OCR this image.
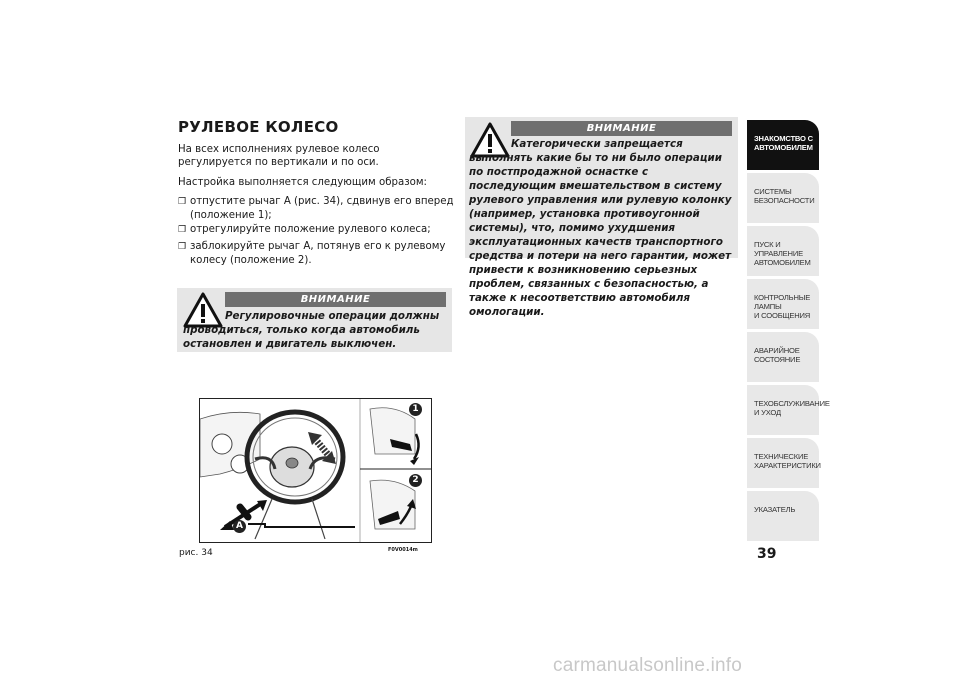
РУЛЕВОЕ КОЛЕСО
На всех исполнениях рулевое колесо регулируется по вертикали и по оси.
Настройка выполняется следующим образом:
❒ отпустите рычаг А (рис. 34), сдвинув его вперед (положение 1);
❒ отрегулируйте положение рулевого колеса;
❒ заблокируйте рычаг А, потянув его к рулевому колесу (положение 2).
ВНИМАНИЕ
Регулировочные операции должны проводиться, только когда автомобиль остановлен и двигатель выключен.
ВНИМАНИЕ
Категорически запрещается выполнять какие бы то ни было операции по постпродажной оснастке с последующим вмешательством в систему рулевого управления или рулевую колонку (например, установка противоугонной системы), что, помимо ухудшения эксплуатационных качеств транспортного средства и потери на него гарантии, может привести к возникновению серьезных проблем, связанных с безопасностью, а также к несоответствию автомобиля омологации.
1
2
A
рис. 34	F0V0014m
ЗНАКОМСТВО С
АВТОМОБИЛЕМ
СИСТЕМЫ
БЕЗОПАСНОСТИ
ПУСК И УПРАВЛЕНИЕ
АВТОМОБИЛЕМ
КОНТРОЛЬНЫЕ
ЛАМПЫ
И СООБЩЕНИЯ
АВАРИЙНОЕ
СОСТОЯНИЕ
ТЕХОБСЛУЖИВАНИЕ
И УХОД
ТЕХНИЧЕСКИЕ
ХАРАКТЕРИСТИКИ
УКАЗАТЕЛЬ
39
carmanualsonline.info
